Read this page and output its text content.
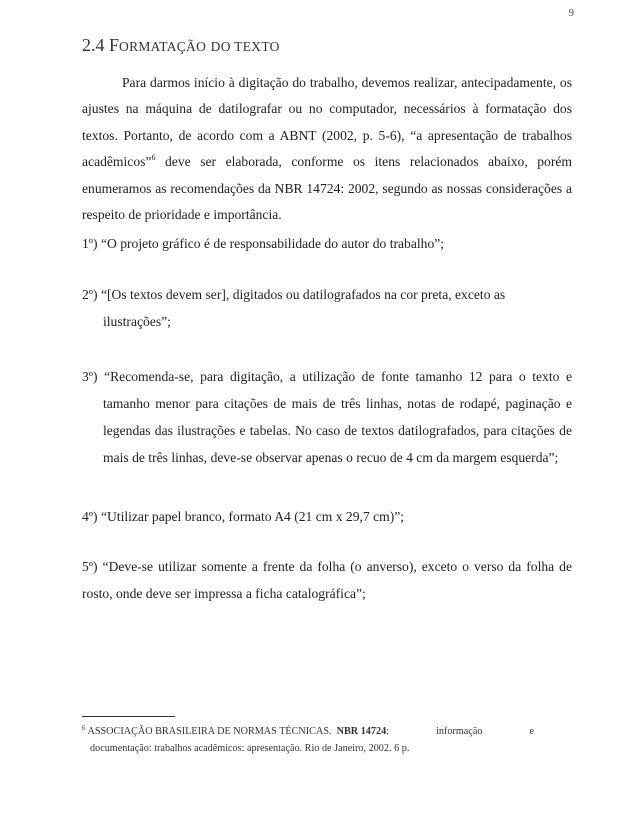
9
2.4 FORMATAÇÃO DO TEXTO

Para darmos início à digitação do trabalho, devemos realizar, antecipadamente, os ajustes na máquina de datilografar ou no computador, necessários à formatação dos textos. Portanto, de acordo com a ABNT (2002, p. 5-6), “a apresentação de trabalhos acadêmicos”$^6$ deve ser elaborada, conforme os itens relacionados abaixo, porém enumeramos as recomendações da NBR 14724: 2002, segundo as nossas considerações a respeito de prioridade e importância.

1º) “O projeto gráfico é de responsabilidade do autor do trabalho”;

2º) “[Os textos devem ser], digitados ou datilografados na cor preta, exceto as ilustrações”;

3º) “Recomenda-se, para digitação, a utilização de fonte tamanho 12 para o texto e tamanho menor para citações de mais de três linhas, notas de rodapé, paginação e legendas das ilustrações e tabelas. No caso de textos datilografados, para citações de mais de três linhas, deve-se observar apenas o recuo de 4 cm da margem esquerda”;

4º) “Utilizar papel branco, formato A4 (21 cm x 29,7 cm)”;

5º) “Deve-se utilizar somente a frente da folha (o anverso), exceto o verso da folha de rosto, onde deve ser impressa a ficha catalográfica”;

$^6$ ASSOCIAÇÃO BRASILEIRA DE NORMAS TÉCNICAS. NBR 14724:	informação	e
documentação: trabalhos acadêmicos: apresentação. Rio de Janeiro, 2002. 6 p.
